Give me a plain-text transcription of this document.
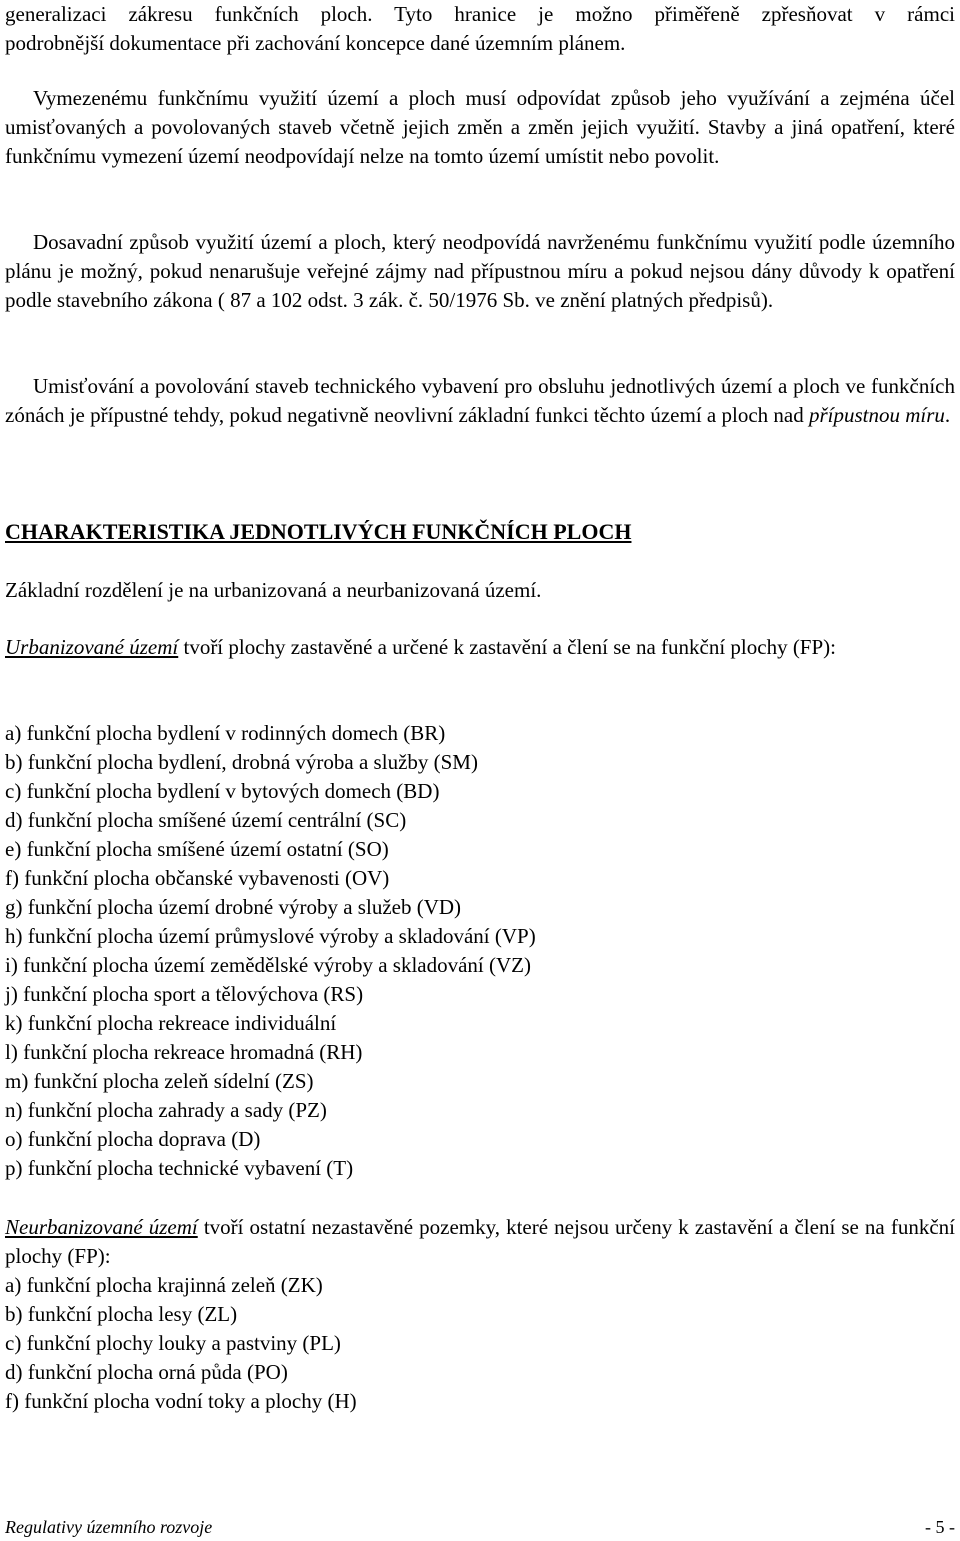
generalizaci zákresu funkčních ploch. Tyto hranice je možno přiměřeně zpřesňovat v rámci

podrobnější dokumentace při zachování koncepce dané územním plánem.

Vymezenému funkčnímu využití území a ploch musí odpovídat způsob jeho využívání a zejména účel umisťovaných a povolovaných staveb včetně jejich změn a změn jejich využití. Stavby a jiná opatření, které funkčnímu vymezení území neodpovídají nelze na tomto území umístit nebo povolit.

Dosavadní způsob využití území a ploch, který neodpovídá navrženému funkčnímu využití podle územního plánu je možný, pokud nenarušuje veřejné zájmy nad přípustnou míru a pokud nejsou dány důvody k opatření podle stavebního zákona ( 87 a 102 odst. 3 zák. č. 50/1976 Sb. ve znění platných předpisů).

Umisťování a povolování staveb technického vybavení pro obsluhu jednotlivých území a ploch ve funkčních zónách je přípustné tehdy, pokud negativně neovlivní základní funkci těchto území a ploch nad přípustnou míru.

CHARAKTERISTIKA JEDNOTLIVÝCH FUNKČNÍCH PLOCH

Základní rozdělení je na urbanizovaná a neurbanizovaná území.

Urbanizované území tvoří plochy zastavěné a určené k zastavění a člení se na funkční plochy (FP):

a) funkční plocha bydlení v rodinných domech (BR)
b) funkční plocha bydlení, drobná výroba a služby (SM)
c) funkční plocha bydlení v bytových domech (BD)
d) funkční plocha smíšené území centrální (SC)
e) funkční plocha smíšené území ostatní (SO)
f) funkční plocha občanské vybavenosti (OV)
g) funkční plocha území drobné výroby a služeb (VD)
h) funkční plocha území průmyslové výroby a skladování (VP)
i) funkční plocha území zemědělské výroby a skladování (VZ)
j) funkční plocha sport a tělovýchova (RS)
k) funkční plocha rekreace individuální
l) funkční plocha rekreace hromadná (RH)
m) funkční plocha zeleň sídelní (ZS)
n) funkční plocha zahrady a sady (PZ)
o) funkční plocha doprava (D)
p) funkční plocha technické vybavení (T)

Neurbanizované území tvoří ostatní nezastavěné pozemky, které nejsou určeny k zastavění a člení se na funkční plochy (FP):

a) funkční plocha krajinná zeleň (ZK)
b) funkční plocha lesy (ZL)
c) funkční plochy louky a pastviny (PL)
d) funkční plocha orná půda (PO)
f) funkční plocha vodní toky a plochy (H)
Regulativy územního rozvoje	- 5 -
